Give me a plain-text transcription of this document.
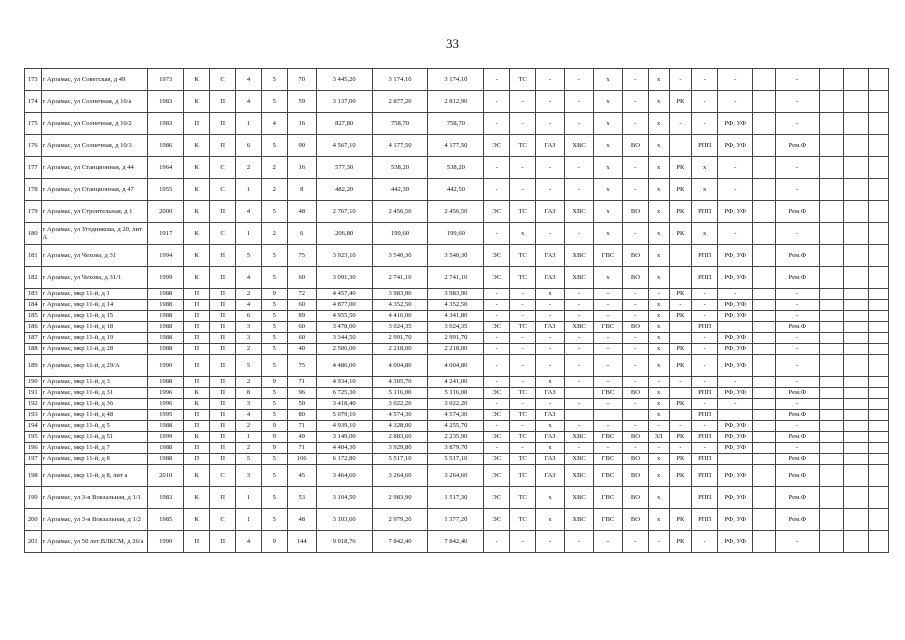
33
173	г Арзамас, ул Советская, д 49	1973	К	С	4	5	70	3 445,20	3 174,10	3 174,10	-	ТС	-	-	х	-	х	-	-	-		-			
174	г Арзамас, ул Солнечная, д 10/а	1983	К	П	4	5	59	3 137,00	2 877,20	2 812,90	-	-	-	-	х	-	х	РК	-	-		-			
175	г Арзамас, ул Солнечная, д 10/2	1983	П	П	1	4	16	827,80	758,70	758,70	-	-	-	-	х	-	х	-	-	РФ, УФ		-			
176	г Арзамас, ул Солнечная, д 10/3	1986	К	П	6	5	90	4 567,10	4 177,50	4 177,50	ЭС	ТС	ГАЗ	ХВС	х	ВО	х		РПП	РФ, УФ		Рем.Ф			
177	г Арзамас, ул Станционная, д 44	1964	К	С	2	2	16	577,30	538,20	538,20	-	-	-	-	х	-	х	РК	х	-		-			
178	г Арзамас, ул Станционная, д 47	1955	К	С	1	2	8	482,20	442,30	442,50	-	-	-	-	х	-	х	РК	х	-		-			
179	г Арзамас, ул Строительная, д 1	2000	К	П	4	5	48	2 767,10	2 456,50	2 456,50	ЭС	ТС	ГАЗ	ХВС	х	ВО	х	РК	РПП	РФ, УФ		Рем.Ф			
180	г Арзамас, ул Угодникова, д 20, лит А	1917	К	С	1	2	6	206,80	199,60	199,60	-	х	-	-	х	-	х	РК	х	-		-			
181	г Арзамас, ул Чехова, д 31	1994	К	П	5	5	75	3 923,10	3 540,30	3 540,30	ЭС	ТС	ГАЗ	ХВС	ГВС	ВО	х		РПП	РФ, УФ		Рем.Ф			
182	г Арзамас, ул Чехова, д 31/1	1999	К	П	4	5	60	3 091,30	2 741,10	2 741,10	ЭС	ТС	ГАЗ	ХВС	х	ВО	х		РПП	РФ, УФ		Рем.Ф			
183	г Арзамас, мкр 11-й, д 1	1988	П	П	2	9	72	4 457,40	3 983,90	3 983,90	-	-	х	-	-	-	-	РК	-	-		-			
184	г Арзамас, мкр 11-й, д 14	1988	П	П	4	5	60	4 877,00	4 352,50	4 352,50	-	-	-	-	-	-	х	-	-	РФ, УФ		-			
185	г Арзамас, мкр 11-й, д 15	1988	П	П	6	5	89	4 955,50	4 416,00	4 341,80	-	-	-	-	-	-	х	РК	-	РФ, УФ		-			
186	г Арзамас, мкр 11-й, д 18	1988	П	П	3	5	60	3 478,00	3 024,35	3 024,35	ЭС	ТС	ГАЗ	ХВС	ГВС	ВО	х		РПП			Рем.Ф			
187	г Арзамас, мкр 11-й, д 19	1988	П	П	3	5	60	3 344,50	2 991,70	2 991,70	-	-	-	-	-	-	х		-	РФ, УФ		-			
188	г Арзамас, мкр 11-й, д 28	1988	П	П	2	5	40	2 506,00	2 218,00	2 218,00	-	-	-	-	-	-	х	РК	-	РФ, УФ		-			
189	г Арзамас, мкр 11-й, д 29/А	1990	П	П	5	5	75	4 486,00	4 004,80	4 004,80	-	-	-	-	-	-	х	РК	-	РФ, УФ		-			
190	г Арзамас, мкр 11-й, д 3	1988	П	П	2	9	71	4 934,10	4 305,70	4 241,00	-	-	х	-	-	-	-	-	-	-		-			
191	г Арзамас, мкр 11-й, д 31	1996	К	П	8	5	96	6 725,30	5 116,00	5 116,00	ЭС	ТС	ГАЗ		ГВС	ВО	х		РПП	РФ, УФ		Рем.Ф			
192	г Арзамас, мкр 11-й, д 36	1996	К	П	3	5	50	3 418,40	3 022,20	3 022,20	-	-	-	-	-	-	х	РК	-	-		-			
193	г Арзамас, мкр 11-й, д 48	1995	П	П	4	5	80	5 079,10	4 574,30	4 574,30	ЭС	ТС	ГАЗ				х		РПП			Рем.Ф			
194	г Арзамас, мкр 11-й, д 5	1988	П	П	2	9	71	4 939,10	4 328,00	4 255,70	-	-	х	-	-	-	-	-	-	РФ, УФ		-			
195	г Арзамас, мкр 11-й, д 51	1999	К	П	1	9	49	3 149,00	2 883,60	2 235,90	ЭС	ТС	ГАЗ	ХВС	ГВС	ВО	ЗЛ	РК	РПП	РФ, УФ		Рем.Ф			
196	г Арзамас, мкр 11-й, д 7	1988	П	П	2	9	71	4 404,30	3 929,80	3 879,70	-	-	х	-	-	-	-	-	-	РФ, УФ		-			
197	г Арзамас, мкр 11-й, д 8	1988	П	П	5	5	106	6 172,80	5 517,10	5 517,10	ЭС	ТС	ГАЗ	ХВС	ГВС	ВО	х	РК	РПП			Рем.Ф			
198	г Арзамас, мкр 11-й, д 8, лит а	2010	К	С	3	5	45	3 464,60	3 264,60	3 264,60	ЭС	ТС	ГАЗ	ХВС	ГВС	ВО	х	РК	РПП	РФ, УФ		Рем.Ф			
199	г Арзамас, ул 3-я Вокзальная, д 1/1	1983	К	П	1	5	53	3 104,50	2 983,90	1 517,30	ЭС	ТС	х	ХВС	ГВС	ВО	х		РПП	РФ, УФ		Рем.Ф			
200	г Арзамас, ул 3-я Вокзальная, д 1/2	1985	К	С	1	5	48	3 103,60	2 979,20	1 377,20	ЭС	ТС	х	ХВС	ГВС	ВО	х	РК	РПП	РФ, УФ		Рем.Ф			
201	г Арзамас, ул 50 лет ВЛКСМ, д 26/а	1990	П	П	4	9	144	9 018,76	7 842,40	7 842,40	-	-	-	-	-	-	-	РК	-	РФ, УФ		-			
